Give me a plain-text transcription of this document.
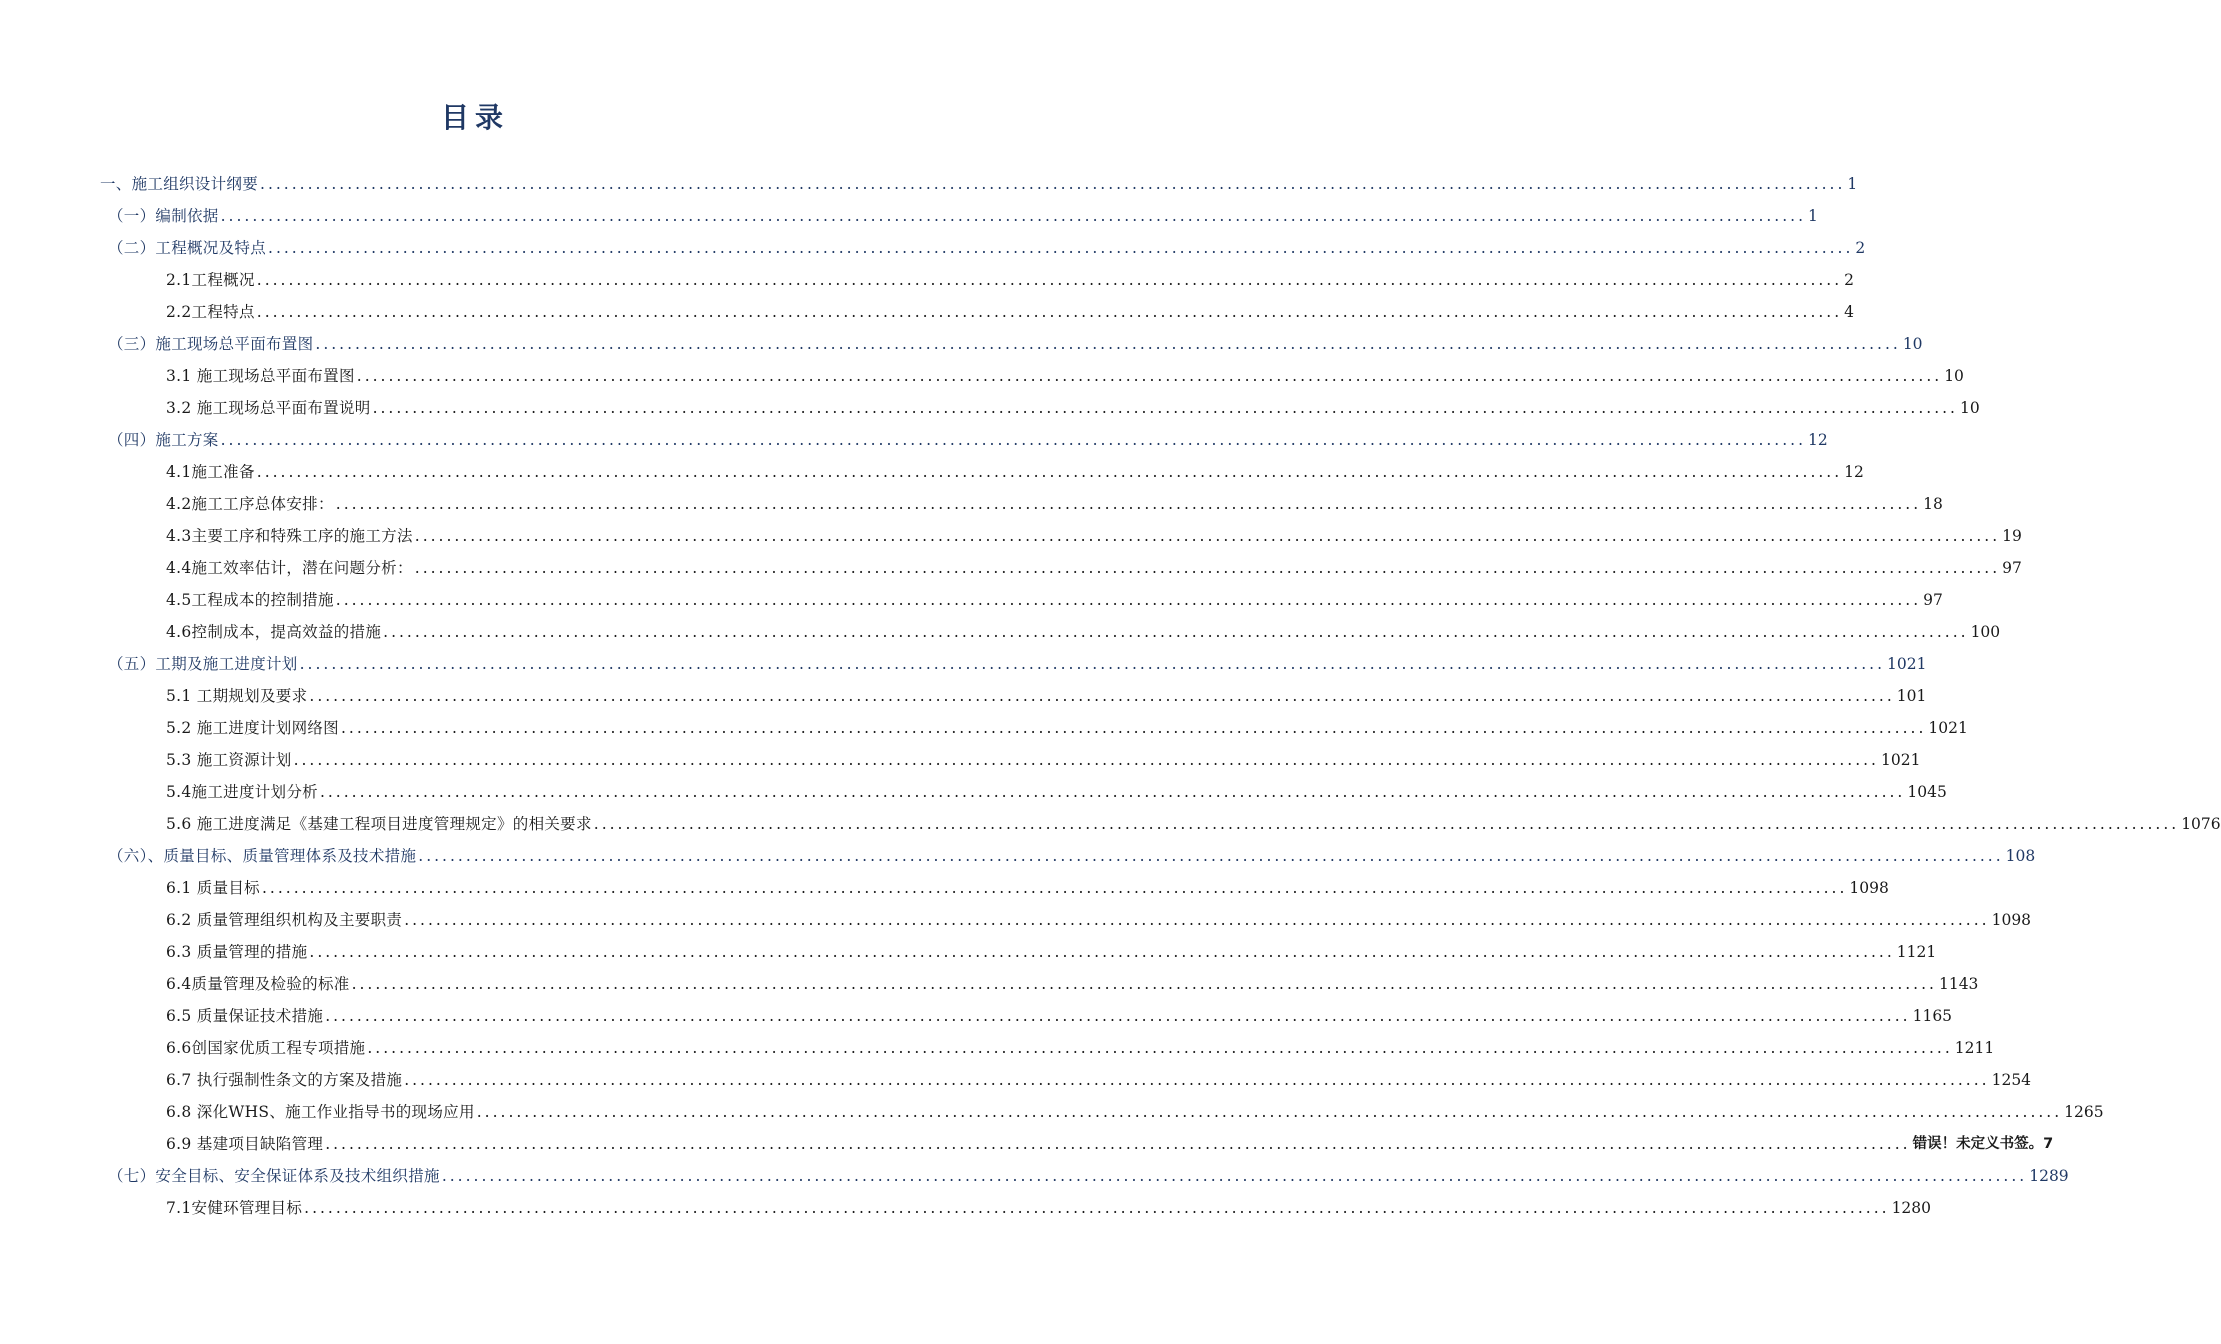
目录
一、施工组织设计纲要 ........................................................................................................................................................................................................ 1
（一）编制依据 ........................................................................................................................................................................................................ 1
（二）工程概况及特点 ........................................................................................................................................................................................................ 2
2.1工程概况 ........................................................................................................................................................................................................ 2
2.2工程特点 ........................................................................................................................................................................................................ 4
（三）施工现场总平面布置图 ........................................................................................................................................................................................................ 10
3.1 施工现场总平面布置图 ........................................................................................................................................................................................................ 10
3.2 施工现场总平面布置说明 ........................................................................................................................................................................................................ 10
（四）施工方案 ........................................................................................................................................................................................................ 12
4.1施工准备 ........................................................................................................................................................................................................ 12
4.2施工工序总体安排： ........................................................................................................................................................................................................ 18
4.3主要工序和特殊工序的施工方法 ........................................................................................................................................................................................................ 19
4.4施工效率估计，潜在问题分析： ........................................................................................................................................................................................................ 97
4.5工程成本的控制措施 ........................................................................................................................................................................................................ 97
4.6控制成本，提高效益的措施 ........................................................................................................................................................................................................ 100
（五）工期及施工进度计划 ........................................................................................................................................................................................................ 1021
5.1 工期规划及要求 ........................................................................................................................................................................................................ 101
5.2 施工进度计划网络图 ........................................................................................................................................................................................................ 1021
5.3 施工资源计划 ........................................................................................................................................................................................................ 1021
5.4施工进度计划分析 ........................................................................................................................................................................................................ 1045
5.6 施工进度满足《基建工程项目进度管理规定》的相关要求 ........................................................................................................................................................................................................ 1076
（六）、质量目标、质量管理体系及技术措施 ........................................................................................................................................................................................................ 108
6.1 质量目标 ........................................................................................................................................................................................................ 1098
6.2 质量管理组织机构及主要职责 ........................................................................................................................................................................................................ 1098
6.3 质量管理的措施 ........................................................................................................................................................................................................ 1121
6.4质量管理及检验的标准 ........................................................................................................................................................................................................ 1143
6.5 质量保证技术措施 ........................................................................................................................................................................................................ 1165
6.6创国家优质工程专项措施 ........................................................................................................................................................................................................ 1211
6.7 执行强制性条文的方案及措施 ........................................................................................................................................................................................................ 1254
6.8 深化WHS、施工作业指导书的现场应用 ........................................................................................................................................................................................................ 1265
6.9 基建项目缺陷管理 ........................................................................................................................................................................................................ 错误！未定义书签。7
（七）安全目标、安全保证体系及技术组织措施 ........................................................................................................................................................................................................ 1289
7.1安健环管理目标 ........................................................................................................................................................................................................ 1280
